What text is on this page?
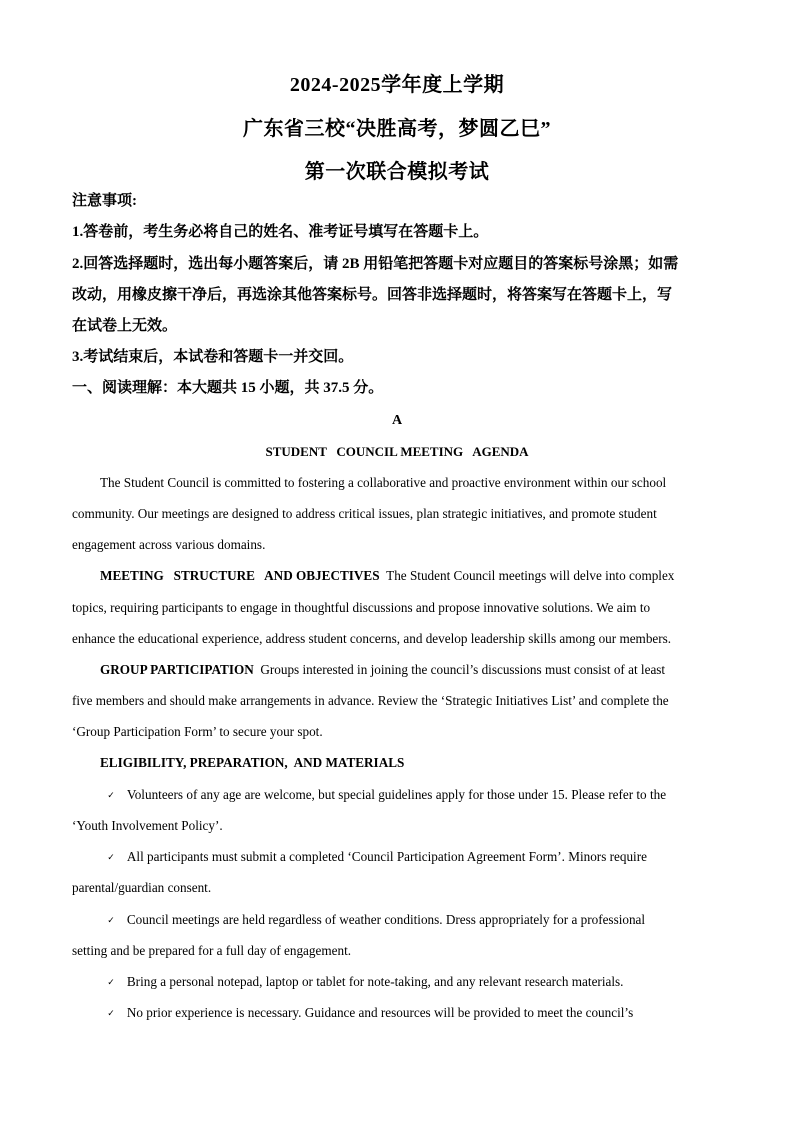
2024-2025学年度上学期
广东省三校“决胜高考，梦圆乙巳”
第一次联合模拟考试
注意事项:
1.答卷前，考生务必将自己的姓名、准考证号填写在答题卡上。
2.回答选择题时，选出每小题答案后，请 2B 用铅笔把答题卡对应题目的答案标号涂黑；如需
改动，用橡皮擦干净后，再选涂其他答案标号。回答非选择题时，将答案写在答题卡上，写
在试卷上无效。
3.考试结束后，本试卷和答题卡一并交回。
一、阅读理解：本大题共 15 小题，共 37.5 分。
A
STUDENT   COUNCIL MEETING   AGENDA
The Student Council is committed to fostering a collaborative and proactive environment within our school
community. Our meetings are designed to address critical issues, plan strategic initiatives, and promote student
engagement across various domains.
MEETING   STRUCTURE   AND OBJECTIVES The Student Council meetings will delve into complex
topics, requiring participants to engage in thoughtful discussions and propose innovative solutions. We aim to
enhance the educational experience, address student concerns, and develop leadership skills among our members.
GROUP PARTICIPATION Groups interested in joining the council’s discussions must consist of at least
five members and should make arrangements in advance. Review the ‘Strategic Initiatives List’ and complete the
‘Group Participation Form’ to secure your spot.
ELIGIBILITY, PREPARATION,  AND MATERIALS
✓ Volunteers of any age are welcome, but special guidelines apply for those under 15. Please refer to the
‘Youth Involvement Policy’.
✓ All participants must submit a completed ‘Council Participation Agreement Form’. Minors require
parental/guardian consent.
✓ Council meetings are held regardless of weather conditions. Dress appropriately for a professional
setting and be prepared for a full day of engagement.
✓ Bring a personal notepad, laptop or tablet for note-taking, and any relevant research materials.
✓ No prior experience is necessary. Guidance and resources will be provided to meet the council’s
